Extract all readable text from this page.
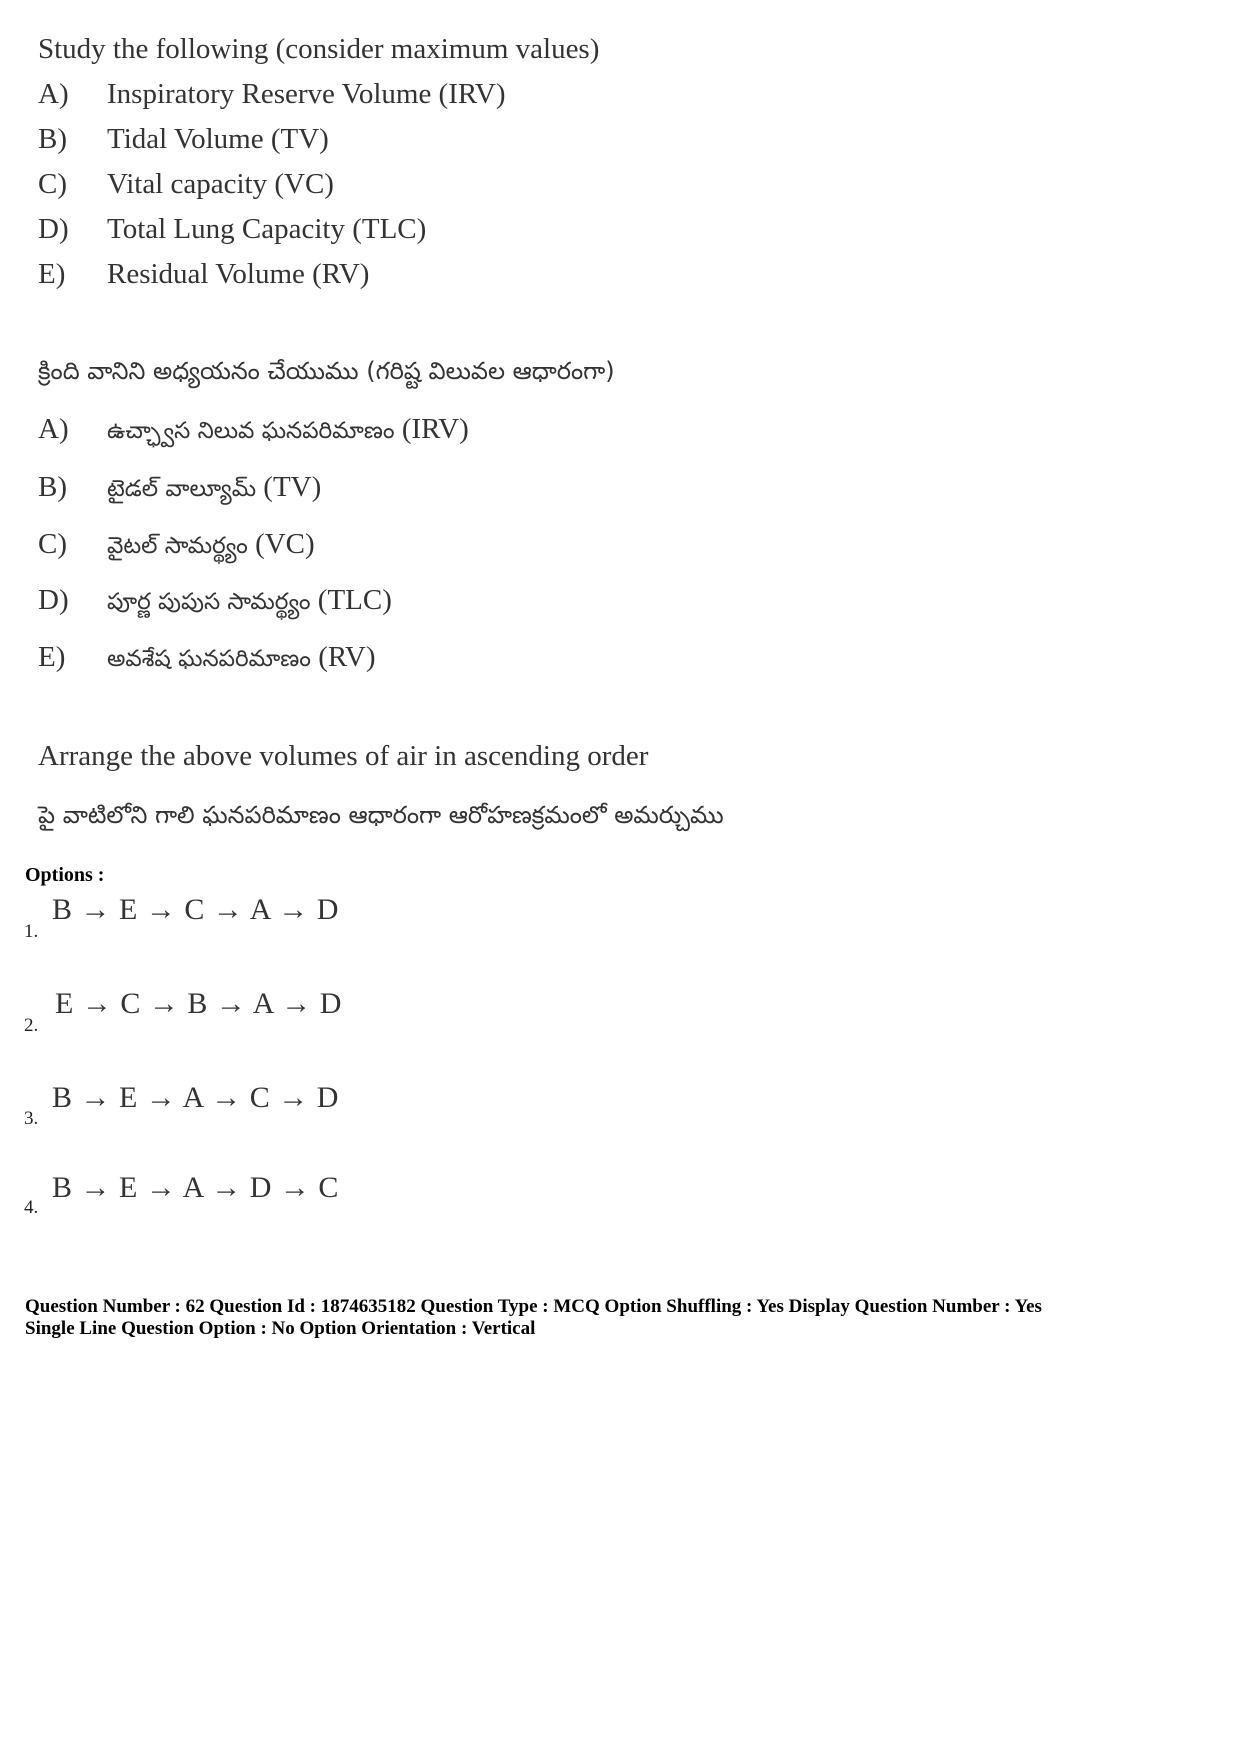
Study the following (consider maximum values)
A) Inspiratory Reserve Volume (IRV)
B) Tidal Volume (TV)
C) Vital capacity (VC)
D) Total Lung Capacity (TLC)
E) Residual Volume (RV)
క్రింది వానిని అధ్యయనం చేయుము (గరిష్ట విలువల ఆధారంగా)
A) ఉచ్ఛ్వాస నిలువ ఘనపరిమాణం (IRV)
B) టైడల్ వాల్యూమ్ (TV)
C) వైటల్ సామర్థ్యం (VC)
D) పూర్ణ పుపుస సామర్థ్యం (TLC)
E) అవశేష ఘనపరిమాణం (RV)
Arrange the above volumes of air in ascending order
పై వాటిలోని గాలి ఘనపరిమాణం ఆధారంగా ఆరోహణక్రమంలో అమర్చుము
Options :
1.
B → E → C → A → D
2.
E → C → B → A → D
3.
B → E → A → C → D
4.
B → E → A → D → C
Question Number : 62 Question Id : 1874635182 Question Type : MCQ Option Shuffling : Yes Display Question Number : Yes
Single Line Question Option : No Option Orientation : Vertical
